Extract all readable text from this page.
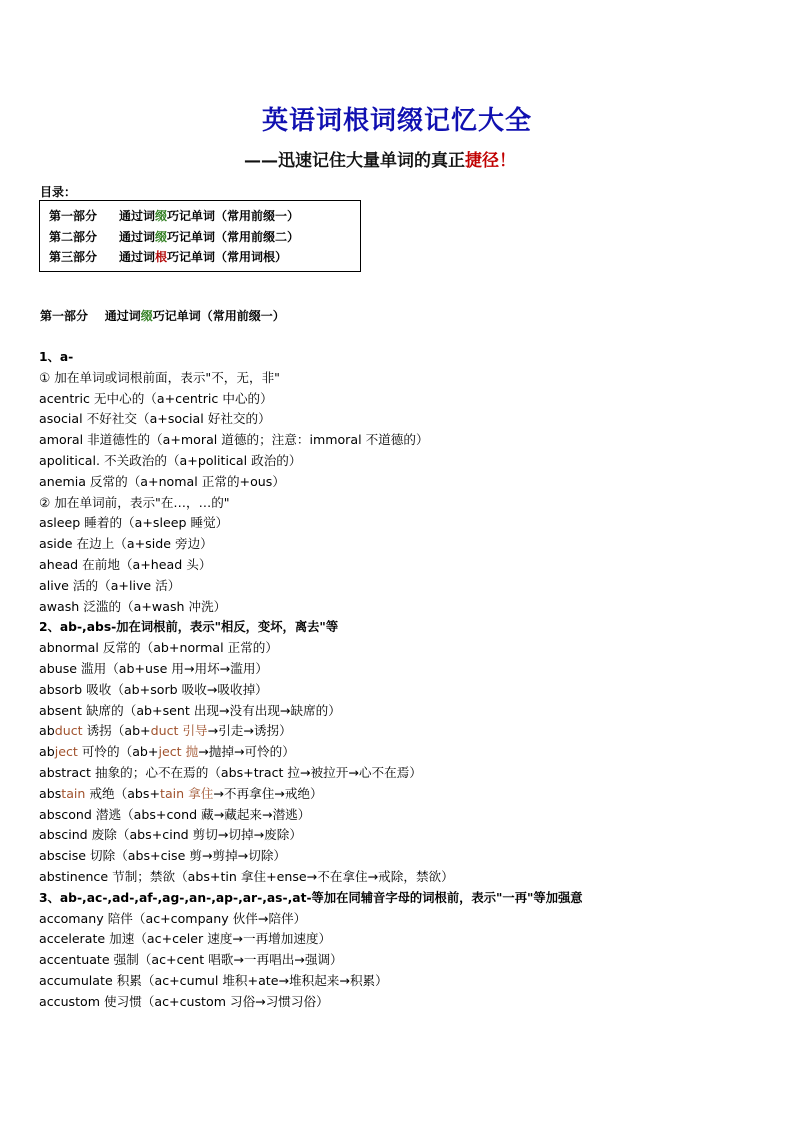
英语词根词缀记忆大全
——迅速记住大量单词的真正捷径！
目录：
第一部分 通过词缀巧记单词（常用前缀一）
第二部分 通过词缀巧记单词（常用前缀二）
第三部分 通过词根巧记单词（常用词根）
第一部分 通过词缀巧记单词（常用前缀一）
1、a-
① 加在单词或词根前面，表示"不，无，非"
acentric 无中心的（a+centric 中心的）
asocial 不好社交（a+social 好社交的）
amoral 非道德性的（a+moral 道德的；注意：immoral 不道德的）
apolitical. 不关政治的（a+political 政治的）
anemia 反常的（a+nomal 正常的+ous）
② 加在单词前，表示"在…，…的"
asleep 睡着的（a+sleep 睡觉）
aside 在边上（a+side 旁边）
ahead 在前地（a+head 头）
alive 活的（a+live 活）
awash 泛滥的（a+wash 冲洗）
2、ab-,abs-加在词根前，表示"相反，变坏，离去"等
abnormal 反常的（ab+normal 正常的）
abuse 滥用（ab+use 用→用坏→滥用）
absorb 吸收（ab+sorb 吸收→吸收掉）
absent 缺席的（ab+sent 出现→没有出现→缺席的）
abduct 诱拐（ab+duct 引导→引走→诱拐）
abject 可怜的（ab+ject 抛→抛掉→可怜的）
abstract 抽象的；心不在焉的（abs+tract 拉→被拉开→心不在焉）
abstain 戒绝（abs+tain 拿住→不再拿住→戒绝）
abscond 潜逃（abs+cond 藏→藏起来→潜逃）
abscind 废除（abs+cind 剪切→切掉→废除）
abscise 切除（abs+cise 剪→剪掉→切除）
abstinence 节制；禁欲（abs+tin 拿住+ense→不在拿住→戒除，禁欲）
3、ab-,ac-,ad-,af-,ag-,an-,ap-,ar-,as-,at-等加在同辅音字母的词根前，表示"一再"等加强意
accomany 陪伴（ac+company 伙伴→陪伴）
accelerate 加速（ac+celer 速度→一再增加速度）
accentuate 强制（ac+cent 唱歌→一再唱出→强调）
accumulate 积累（ac+cumul 堆积+ate→堆积起来→积累）
accustom 使习惯（ac+custom 习俗→习惯习俗）
